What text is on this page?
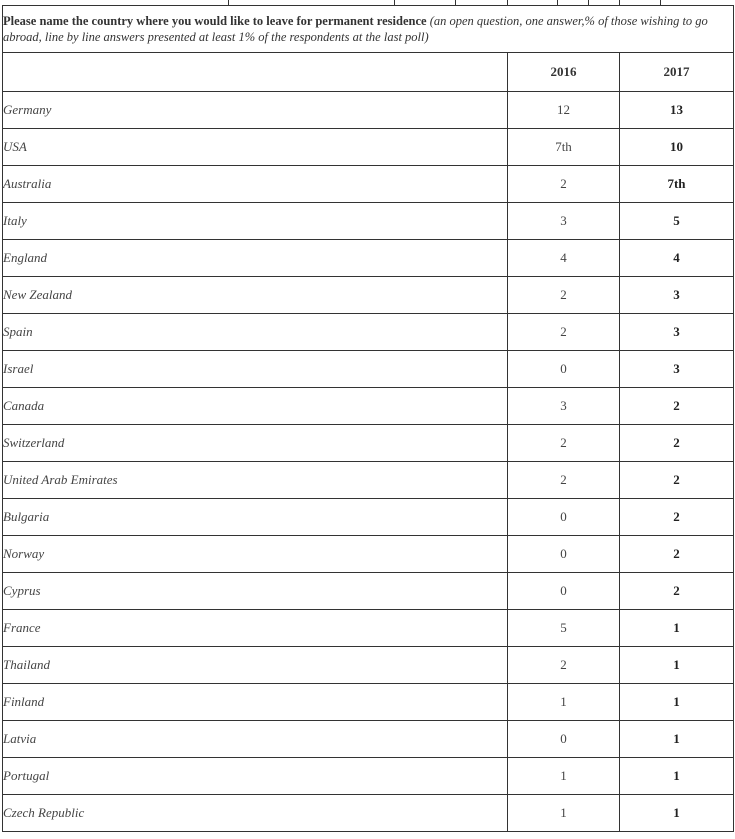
Please name the country where you would like to leave for permanent residence (an open question, one answer,% of those wishing to go abroad, line by line answers presented at least 1% of the respondents at the last poll)		
	2016	2017
Germany	12	13
USA	7th	10
Australia	2	7th
Italy	3	5
England	4	4
New Zealand	2	3
Spain	2	3
Israel	0	3
Canada	3	2
Switzerland	2	2
United Arab Emirates	2	2
Bulgaria	0	2
Norway	0	2
Cyprus	0	2
France	5	1
Thailand	2	1
Finland	1	1
Latvia	0	1
Portugal	1	1
Czech Republic	1	1
